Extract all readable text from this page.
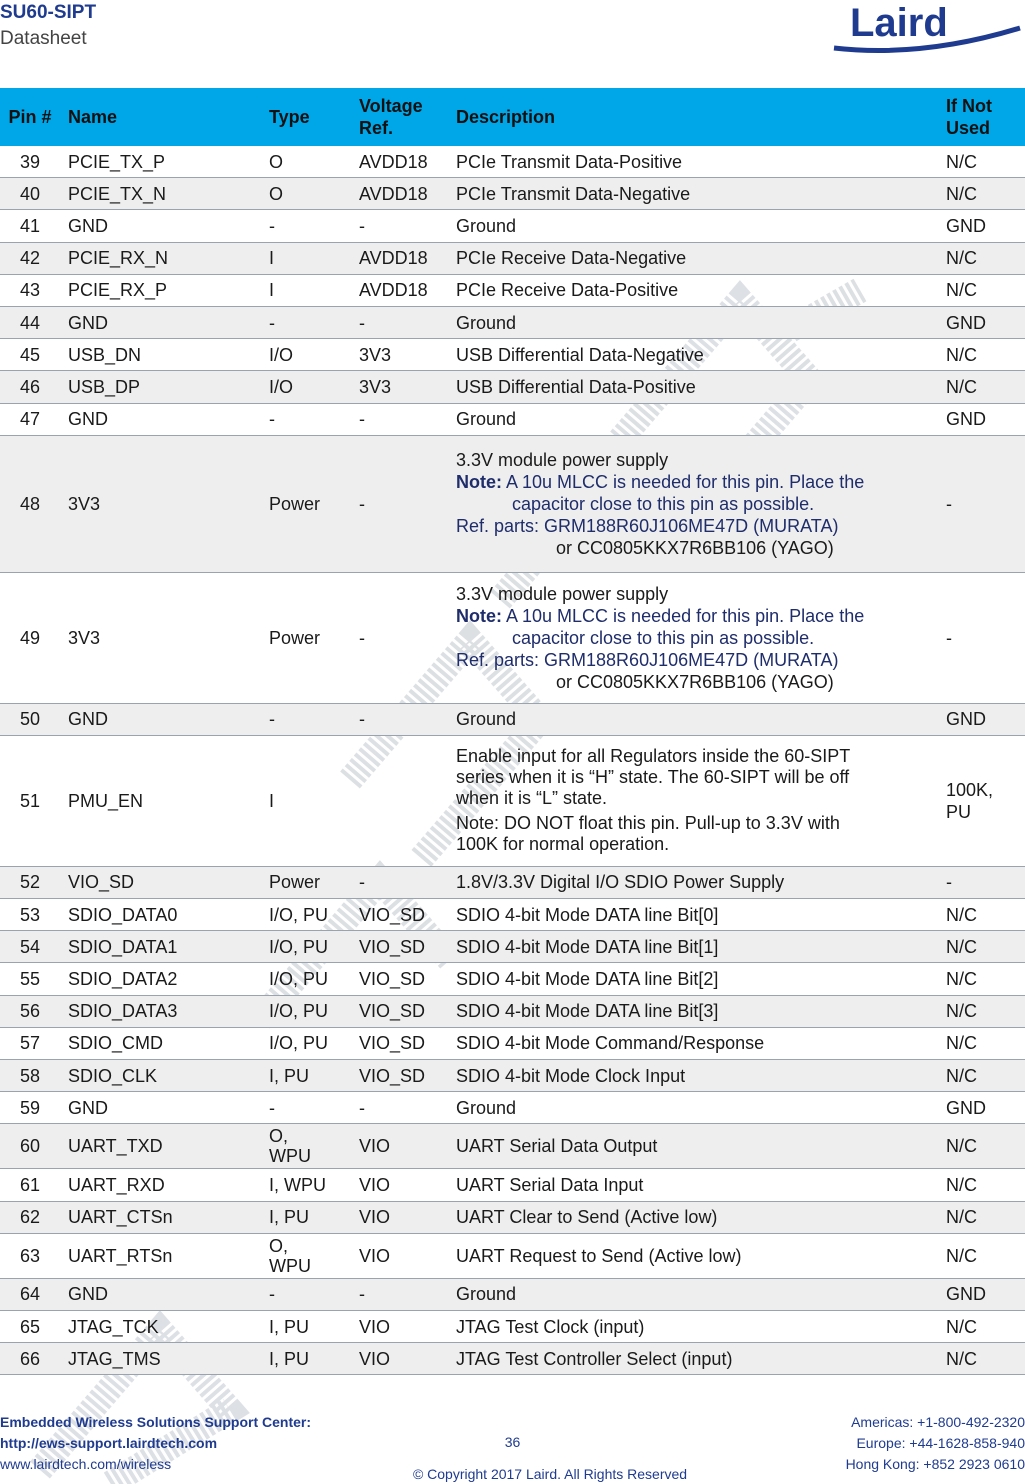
SU60-SIPT
Datasheet	Laird
Pin #	Name	Type	Voltage Ref.	Description	If Not Used
39	PCIE_TX_P	O	AVDD18	PCIe Transmit Data-Positive	N/C
40	PCIE_TX_N	O	AVDD18	PCIe Transmit Data-Negative	N/C
41	GND	-	-	Ground	GND
42	PCIE_RX_N	I	AVDD18	PCIe Receive Data-Negative	N/C
43	PCIE_RX_P	I	AVDD18	PCIe Receive Data-Positive	N/C
44	GND	-	-	Ground	GND
45	USB_DN	I/O	3V3	USB Differential Data-Negative	N/C
46	USB_DP	I/O	3V3	USB Differential Data-Positive	N/C
47	GND	-	-	Ground	GND
48	3V3	Power	-	3.3V module power supply
Note: A 10u MLCC is needed for this pin. Place the
capacitor close to this pin as possible.
Ref. parts: GRM188R60J106ME47D (MURATA)
or CC0805KKX7R6BB106 (YAGO)	-
49	3V3	Power	-	3.3V module power supply
Note: A 10u MLCC is needed for this pin. Place the
capacitor close to this pin as possible.
Ref. parts: GRM188R60J106ME47D (MURATA)
or CC0805KKX7R6BB106 (YAGO)	-
50	GND	-	-	Ground	GND
51	PMU_EN	I		Enable input for all Regulators inside the 60-SIPT
series when it is “H” state. The 60-SIPT will be off
when it is “L” state.
Note: DO NOT float this pin. Pull-up to 3.3V with
100K for normal operation.	100K,
PU

52	VIO_SD	Power	-	1.8V/3.3V Digital I/O SDIO Power Supply	-
53	SDIO_DATA0	I/O, PU	VIO_SD	SDIO 4-bit Mode DATA line Bit[0]	N/C
54	SDIO_DATA1	I/O, PU	VIO_SD	SDIO 4-bit Mode DATA line Bit[1]	N/C
55	SDIO_DATA2	I/O, PU	VIO_SD	SDIO 4-bit Mode DATA line Bit[2]	N/C
56	SDIO_DATA3	I/O, PU	VIO_SD	SDIO 4-bit Mode DATA line Bit[3]	N/C
57	SDIO_CMD	I/O, PU	VIO_SD	SDIO 4-bit Mode Command/Response	N/C
58	SDIO_CLK	I, PU	VIO_SD	SDIO 4-bit Mode Clock Input	N/C
59	GND	-	-	Ground	GND
60	UART_TXD	O,
WPU	VIO	UART Serial Data Output	N/C
61	UART_RXD	I, WPU	VIO	UART Serial Data Input	N/C
62	UART_CTSn	I, PU	VIO	UART Clear to Send (Active low)	N/C
63	UART_RTSn	O,
WPU	VIO	UART Request to Send (Active low)	N/C
64	GND	-	-	Ground	GND
65	JTAG_TCK	I, PU	VIO	JTAG Test Clock (input)	N/C
66	JTAG_TMS	I, PU	VIO	JTAG Test Controller Select (input)	N/C
Embedded Wireless Solutions Support Center:
http://ews-support.lairdtech.com
www.lairdtech.com/wireless
36
© Copyright 2017 Laird. All Rights Reserved
Americas: +1-800-492-2320
Europe: +44-1628-858-940
Hong Kong: +852 2923 0610
